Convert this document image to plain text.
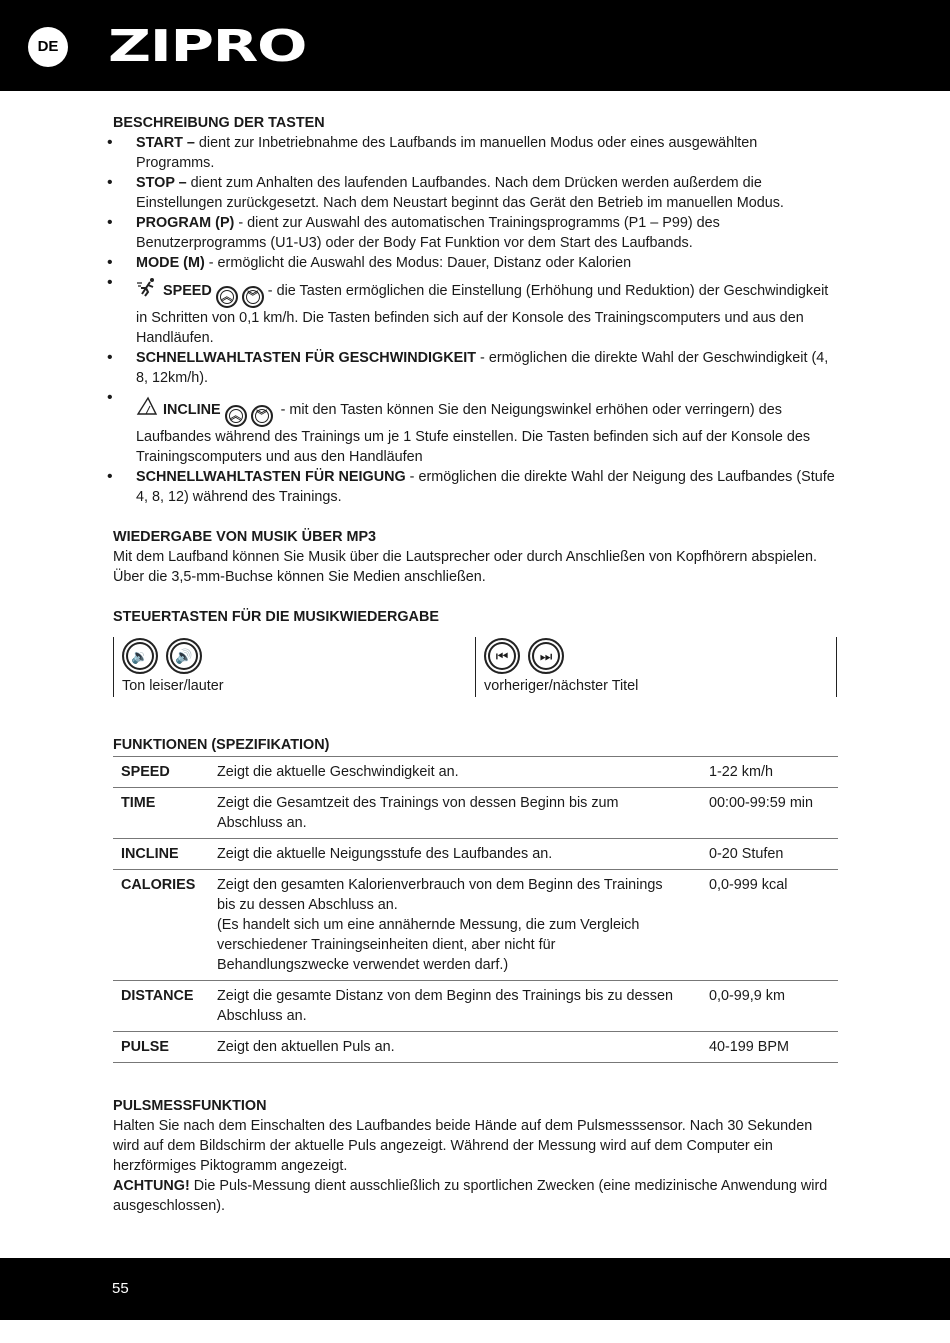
DE ZIPRO
BESCHREIBUNG DER TASTEN
• START – dient zur Inbetriebnahme des Laufbands im manuellen Modus oder eines ausgewählten Programms.
• STOP – dient zum Anhalten des laufenden Laufbandes. Nach dem Drücken werden außerdem die Einstellungen zurückgesetzt. Nach dem Neustart beginnt das Gerät den Betrieb im manuellen Modus.
• PROGRAM (P) - dient zur Auswahl des automatischen Trainingsprogramms (P1 – P99) des Benutzerprogramms (U1-U3) oder der Body Fat Funktion vor dem Start des Laufbands.
• MODE (M) - ermöglicht die Auswahl des Modus: Dauer, Distanz oder Kalorien
• SPEED ︽ ︾ - die Tasten ermöglichen die Einstellung (Erhöhung und Reduktion) der Geschwindigkeit in Schritten von 0,1 km/h. Die Tasten befinden sich auf der Konsole des Trainingscomputers und aus den Handläufen.
• SCHNELLWAHLTASTEN FÜR GESCHWINDIGKEIT - ermöglichen die direkte Wahl der Geschwindigkeit (4, 8, 12km/h).
• INCLINE ︽ ︾ - mit den Tasten können Sie den Neigungswinkel erhöhen oder verringern) des Laufbandes während des Trainings um je 1 Stufe einstellen. Die Tasten befinden sich auf der Konsole des Trainingscomputers und aus den Handläufen
• SCHNELLWAHLTASTEN FÜR NEIGUNG - ermöglichen die direkte Wahl der Neigung des Laufbandes (Stufe 4, 8, 12) während des Trainings.
WIEDERGABE VON MUSIK ÜBER MP3
Mit dem Laufband können Sie Musik über die Lautsprecher oder durch Anschließen von Kopfhörern abspielen. Über die 3,5-mm-Buchse können Sie Medien anschließen.
STEUERTASTEN FÜR DIE MUSIKWIEDERGABE
🔉 🔊
Ton leiser/lauter
⏮ ⏭
vorheriger/nächster Titel
FUNKTIONEN (SPEZIFIKATION)
SPEED	Zeigt die aktuelle Geschwindigkeit an.	1-22 km/h
TIME	Zeigt die Gesamtzeit des Trainings von dessen Beginn bis zum Abschluss an.	00:00-99:59 min
INCLINE	Zeigt die aktuelle Neigungsstufe des Laufbandes an.	0-20 Stufen
CALORIES	Zeigt den gesamten Kalorienverbrauch von dem Beginn des Trainings bis zu dessen Abschluss an.
(Es handelt sich um eine annähernde Messung, die zum Vergleich verschiedener Trainingseinheiten dient, aber nicht für Behandlungszwecke verwendet werden darf.)	0,0-999 kcal
DISTANCE	Zeigt die gesamte Distanz von dem Beginn des Trainings bis zu dessen Abschluss an.	0,0-99,9 km
PULSE	Zeigt den aktuellen Puls an.	40-199 BPM
PULSMESSFUNKTION
Halten Sie nach dem Einschalten des Laufbandes beide Hände auf dem Pulsmesssensor. Nach 30 Sekunden wird auf dem Bildschirm der aktuelle Puls angezeigt. Während der Messung wird auf dem Computer ein herzförmiges Piktogramm angezeigt.
ACHTUNG! Die Puls-Messung dient ausschließlich zu sportlichen Zwecken (eine medizinische Anwendung wird ausgeschlossen).
55
